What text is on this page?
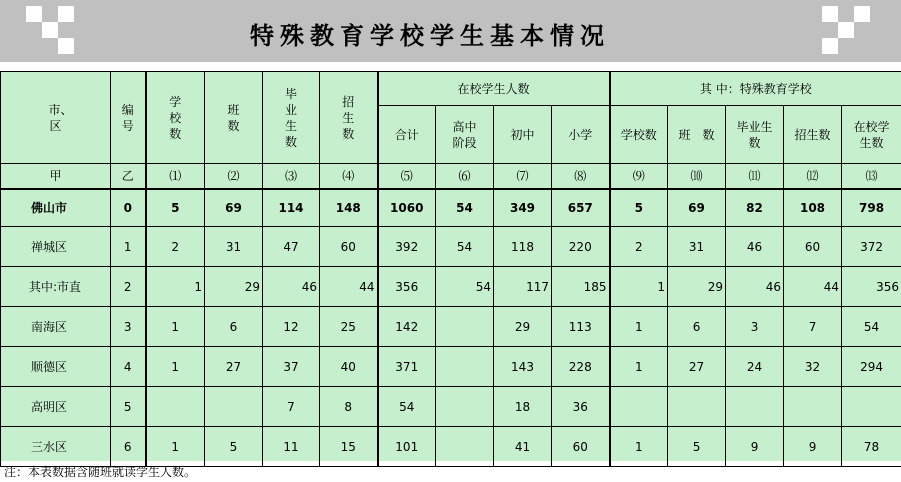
特殊教育学校学生基本情况
市、区	编号	学校数	班数	毕业生数	招生数	在校学生人数				其 中：特殊教育学校				
						合计	高中阶段	初中	小学	学校数	班　数	毕业生数	招生数	在校学生数
甲	乙	⑴	⑵	⑶	⑷	⑸	⑹	⑺	⑻	⑼	⑽	⑾	⑿	⒀
佛山市	0	5	69	114	148	1060	54	349	657	5	69	82	108	798
禅城区	1	2	31	47	60	392	54	118	220	2	31	46	60	372
其中:市直	2	1	29	46	44	356	54	117	185	1	29	46	44	356
南海区	3	1	6	12	25	142		29	113	1	6	3	7	54
顺德区	4	1	27	37	40	371		143	228	1	27	24	32	294
高明区	5			7	8	54		18	36					
三水区	6	1	5	11	15	101		41	60	1	5	9	9	78
注：本表数据含随班就读学生人数。
